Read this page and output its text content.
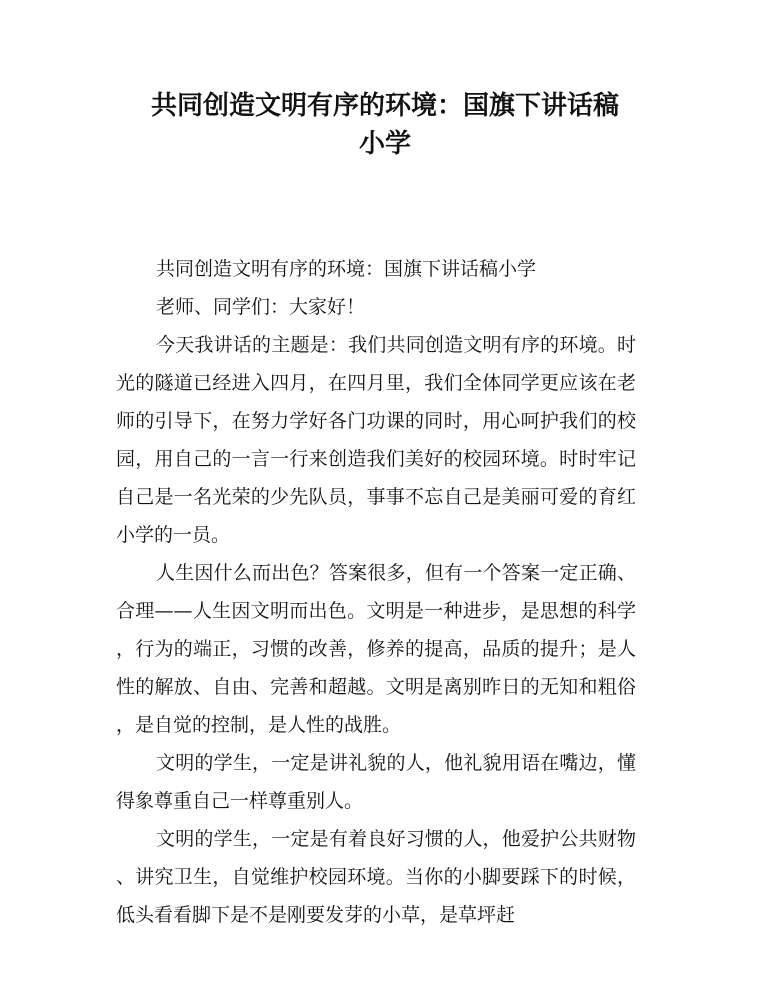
共同创造文明有序的环境：国旗下讲话稿
小学

共同创造文明有序的环境：国旗下讲话稿小学

老师、同学们：大家好！

今天我讲话的主题是：我们共同创造文明有序的环境。时光的隧道已经进入四月，在四月里，我们全体同学更应该在老师的引导下，在努力学好各门功课的同时，用心呵护我们的校园，用自己的一言一行来创造我们美好的校园环境。时时牢记自己是一名光荣的少先队员，事事不忘自己是美丽可爱的育红小学的一员。

人生因什么而出色？答案很多，但有一个答案一定正确、合理——人生因文明而出色。文明是一种进步，是思想的科学，行为的端正，习惯的改善，修养的提高，品质的提升；是人性的解放、自由、完善和超越。文明是离别昨日的无知和粗俗，是自觉的控制，是人性的战胜。

文明的学生，一定是讲礼貌的人，他礼貌用语在嘴边，懂得象尊重自己一样尊重别人。

文明的学生，一定是有着良好习惯的人，他爱护公共财物、讲究卫生，自觉维护校园环境。当你的小脚要踩下的时候，低头看看脚下是不是刚要发芽的小草，是草坪赶
